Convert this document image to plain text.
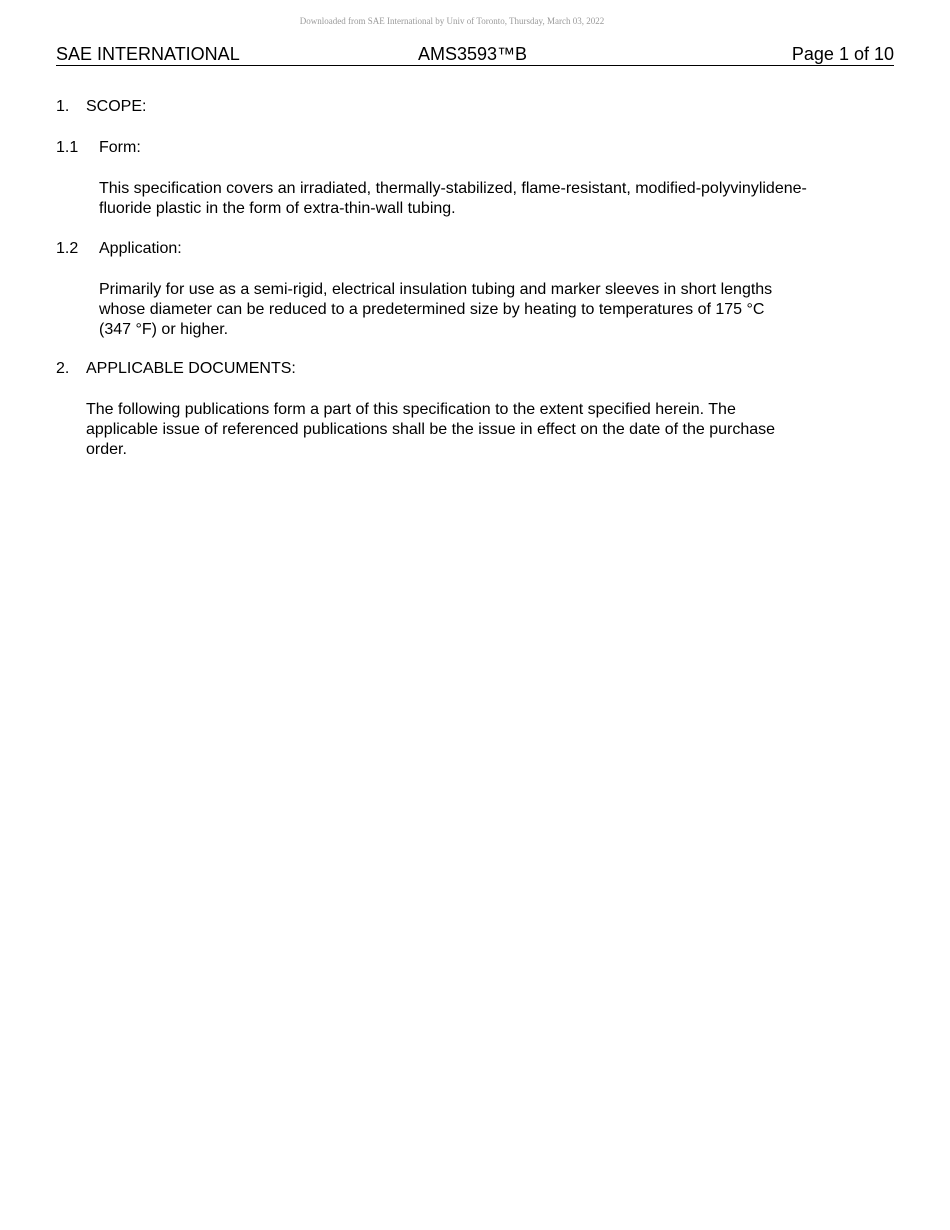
Downloaded from SAE International by Univ of Toronto, Thursday, March 03, 2022
SAE INTERNATIONAL	AMS3593™B	Page 1 of 10
1. SCOPE:
1.1 Form:
This specification covers an irradiated, thermally-stabilized, flame-resistant, modified-polyvinylidene-
fluoride plastic in the form of extra-thin-wall tubing.
1.2 Application:
Primarily for use as a semi-rigid, electrical insulation tubing and marker sleeves in short lengths
whose diameter can be reduced to a predetermined size by heating to temperatures of 175 °C
(347 °F) or higher.
2. APPLICABLE DOCUMENTS:
The following publications form a part of this specification to the extent specified herein. The
applicable issue of referenced publications shall be the issue in effect on the date of the purchase
order.
